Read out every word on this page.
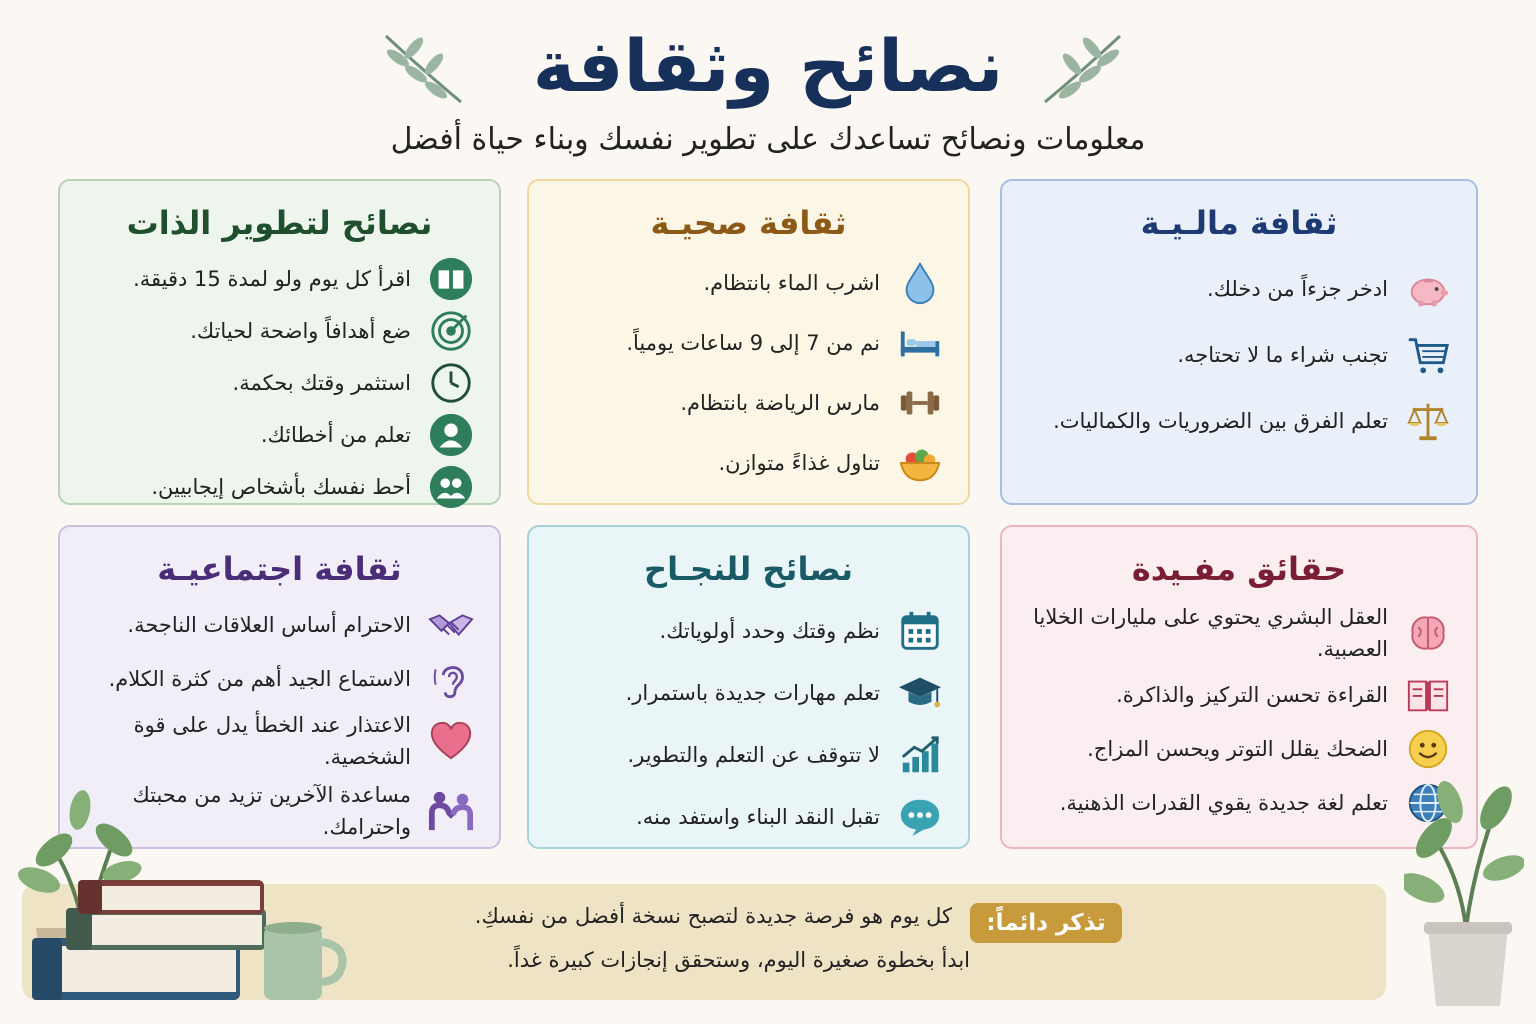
نصائح وثقافة
معلومات ونصائح تساعدك على تطوير نفسك وبناء حياة أفضل
ثقافة مالـيـة
ادخر جزءاً من دخلك.
تجنب شراء ما لا تحتاجه.
تعلم الفرق بين الضروريات والكماليات.
ثقافة صحيـة
اشرب الماء بانتظام.
نم من 7 إلى 9 ساعات يومياً.
مارس الرياضة بانتظام.
تناول غذاءً متوازن.
نصائح لتطوير الذات
اقرأ كل يوم ولو لمدة 15 دقيقة.
ضع أهدافاً واضحة لحياتك.
استثمر وقتك بحكمة.
تعلم من أخطائك.
أحط نفسك بأشخاص إيجابيين.
حقائق مفـيدة
العقل البشري يحتوي على مليارات الخلايا العصبية.
القراءة تحسن التركيز والذاكرة.
الضحك يقلل التوتر ويحسن المزاج.
تعلم لغة جديدة يقوي القدرات الذهنية.
نصائح للنجـاح
نظم وقتك وحدد أولوياتك.
تعلم مهارات جديدة باستمرار.
لا تتوقف عن التعلم والتطوير.
تقبل النقد البناء واستفد منه.
ثقافة اجتماعيـة
الاحترام أساس العلاقات الناجحة.
الاستماع الجيد أهم من كثرة الكلام.
الاعتذار عند الخطأ يدل على قوة الشخصية.
مساعدة الآخرين تزيد من محبتك واحترامك.
تذكر دائماً:
كل يوم هو فرصة جديدة لتصبح نسخة أفضل من نفسكِ.
ابدأ بخطوة صغيرة اليوم، وستحقق إنجازات كبيرة غداً.
